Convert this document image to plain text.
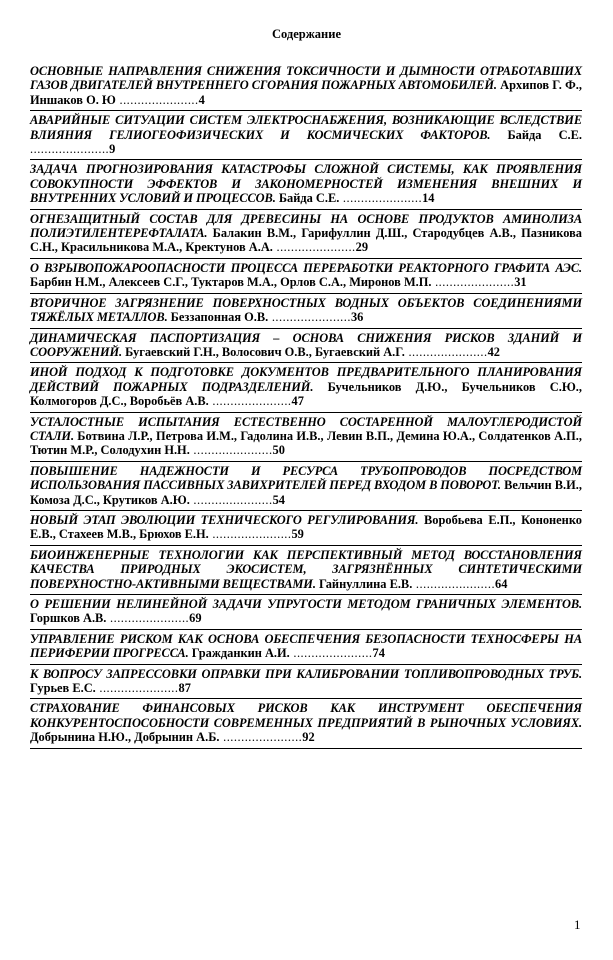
Содержание
ОСНОВНЫЕ НАПРАВЛЕНИЯ СНИЖЕНИЯ ТОКСИЧНОСТИ И ДЫМНОСТИ ОТРАБОТАВШИХ ГАЗОВ ДВИГАТЕЛЕЙ ВНУТРЕННЕГО СГОРАНИЯ ПОЖАРНЫХ АВТОМОБИЛЕЙ. Архипов Г. Ф., Иншаков О. Ю ......................4
АВАРИЙНЫЕ СИТУАЦИИ СИСТЕМ ЭЛЕКТРОСНАБЖЕНИЯ, ВОЗНИКАЮЩИЕ ВСЛЕДСТВИЕ ВЛИЯНИЯ ГЕЛИОГЕОФИЗИЧЕСКИХ И КОСМИЧЕСКИХ ФАКТОРОВ. Байда С.Е. ......................9
ЗАДАЧА ПРОГНОЗИРОВАНИЯ КАТАСТРОФЫ СЛОЖНОЙ СИСТЕМЫ, КАК ПРОЯВЛЕНИЯ СОВОКУПНОСТИ ЭФФЕКТОВ И ЗАКОНОМЕРНОСТЕЙ ИЗМЕНЕНИЯ ВНЕШНИХ И ВНУТРЕННИХ УСЛОВИЙ И ПРОЦЕССОВ. Байда С.Е. ......................14
ОГНЕЗАЩИТНЫЙ СОСТАВ ДЛЯ ДРЕВЕСИНЫ НА ОСНОВЕ ПРОДУКТОВ АМИНОЛИЗА ПОЛИЭТИЛЕНТЕРЕФТАЛАТА. Балакин В.М., Гарифуллин Д.Ш., Стародубцев А.В., Пазникова С.Н., Красильникова М.А., Кректунов А.А. ......................29
О ВЗРЫВОПОЖАРООПАСНОСТИ ПРОЦЕССА ПЕРЕРАБОТКИ РЕАКТОРНОГО ГРАФИТА АЭС. Барбин Н.М., Алексеев С.Г., Туктаров М.А., Орлов С.А., Миронов М.П. ......................31
ВТОРИЧНОЕ ЗАГРЯЗНЕНИЕ ПОВЕРХНОСТНЫХ ВОДНЫХ ОБЪЕКТОВ СОЕДИНЕНИЯМИ ТЯЖЁЛЫХ МЕТАЛЛОВ. Беззапонная О.В. ......................36
ДИНАМИЧЕСКАЯ ПАСПОРТИЗАЦИЯ – ОСНОВА СНИЖЕНИЯ РИСКОВ ЗДАНИЙ И СООРУЖЕНИЙ. Бугаевский Г.Н., Волосович О.В., Бугаевский А.Г. ......................42
ИНОЙ ПОДХОД К ПОДГОТОВКЕ ДОКУМЕНТОВ ПРЕДВАРИТЕЛЬНОГО ПЛАНИРОВАНИЯ ДЕЙСТВИЙ ПОЖАРНЫХ ПОДРАЗДЕЛЕНИЙ. Бучельников Д.Ю., Бучельников С.Ю., Колмогоров Д.С., Воробьёв А.В. ......................47
УСТАЛОСТНЫЕ ИСПЫТАНИЯ ЕСТЕСТВЕННО СОСТАРЕННОЙ МАЛОУГЛЕРОДИСТОЙ СТАЛИ. Ботвина Л.Р., Петрова И.М., Гадолина И.В., Левин В.П., Демина Ю.А., Солдатенков А.П., Тютин М.Р., Солодухин Н.Н. ......................50
ПОВЫШЕНИЕ НАДЕЖНОСТИ И РЕСУРСА ТРУБОПРОВОДОВ ПОСРЕДСТВОМ ИСПОЛЬЗОВАНИЯ ПАССИВНЫХ ЗАВИХРИТЕЛЕЙ ПЕРЕД ВХОДОМ В ПОВОРОТ. Вельчин В.И., Комоза Д.С., Крутиков А.Ю. ......................54
НОВЫЙ ЭТАП ЭВОЛЮЦИИ ТЕХНИЧЕСКОГО РЕГУЛИРОВАНИЯ. Воробьева Е.П., Кононенко Е.В., Стахеев М.В., Брюхов Е.Н. ......................59
БИОИНЖЕНЕРНЫЕ ТЕХНОЛОГИИ КАК ПЕРСПЕКТИВНЫЙ МЕТОД ВОССТАНОВЛЕНИЯ КАЧЕСТВА ПРИРОДНЫХ ЭКОСИСТЕМ, ЗАГРЯЗНЁННЫХ СИНТЕТИЧЕСКИМИ ПОВЕРХНОСТНО-АКТИВНЫМИ ВЕЩЕСТВАМИ. Гайнуллина Е.В. ......................64
О РЕШЕНИИ НЕЛИНЕЙНОЙ ЗАДАЧИ УПРУГОСТИ МЕТОДОМ ГРАНИЧНЫХ ЭЛЕМЕНТОВ. Горшков А.В. ......................69
УПРАВЛЕНИЕ РИСКОМ КАК ОСНОВА ОБЕСПЕЧЕНИЯ БЕЗОПАСНОСТИ ТЕХНОСФЕРЫ НА ПЕРИФЕРИИ ПРОГРЕССА. Гражданкин А.И. ......................74
К ВОПРОСУ ЗАПРЕССОВКИ ОПРАВКИ ПРИ КАЛИБРОВАНИИ ТОПЛИВОПРОВОДНЫХ ТРУБ. Гурьев Е.С. ......................87
СТРАХОВАНИЕ ФИНАНСОВЫХ РИСКОВ КАК ИНСТРУМЕНТ ОБЕСПЕЧЕНИЯ КОНКУРЕНТОСПОСОБНОСТИ СОВРЕМЕННЫХ ПРЕДПРИЯТИЙ В РЫНОЧНЫХ УСЛОВИЯХ. Добрынина Н.Ю., Добрынин А.Б. ......................92
1
